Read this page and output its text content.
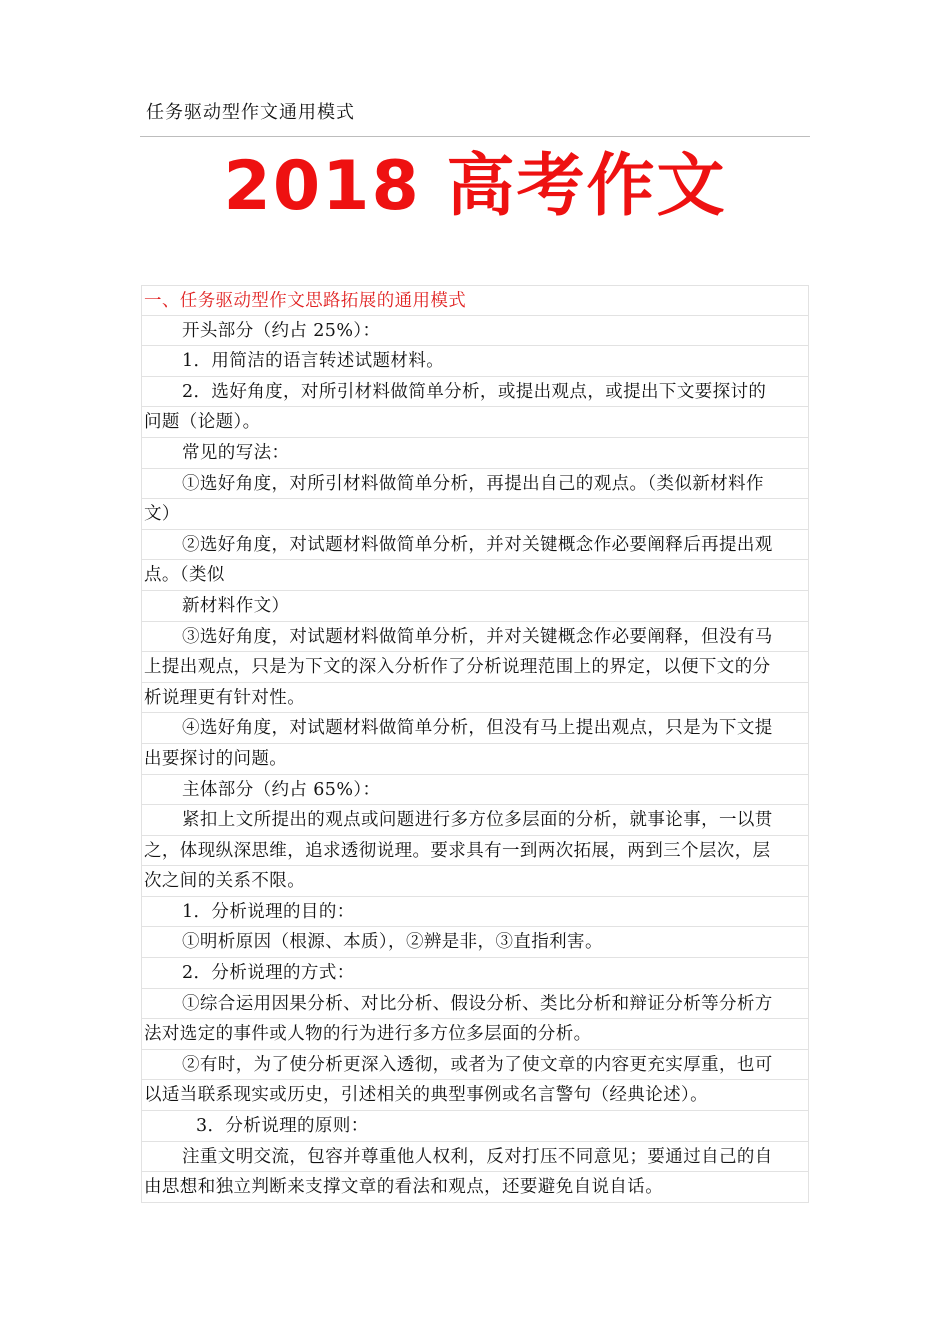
任务驱动型作文通用模式
2018 高考作文
一、任务驱动型作文思路拓展的通用模式
开头部分（约占 25%）：
1．用简洁的语言转述试题材料。
2．选好角度，对所引材料做简单分析，或提出观点，或提出下文要探讨的
问题（论题）。
常见的写法：
①选好角度，对所引材料做简单分析，再提出自己的观点。（类似新材料作
文）
②选好角度，对试题材料做简单分析，并对关键概念作必要阐释后再提出观
点。（类似
新材料作文）
③选好角度，对试题材料做简单分析，并对关键概念作必要阐释，但没有马
上提出观点，只是为下文的深入分析作了分析说理范围上的界定，以便下文的分
析说理更有针对性。
④选好角度，对试题材料做简单分析，但没有马上提出观点，只是为下文提
出要探讨的问题。
主体部分（约占 65%）：
紧扣上文所提出的观点或问题进行多方位多层面的分析，就事论事，一以贯
之，体现纵深思维，追求透彻说理。要求具有一到两次拓展，两到三个层次，层
次之间的关系不限。
1．分析说理的目的：
①明析原因（根源、本质），②辨是非，③直指利害。
2．分析说理的方式：
①综合运用因果分析、对比分析、假设分析、类比分析和辩证分析等分析方
法对选定的事件或人物的行为进行多方位多层面的分析。
②有时，为了使分析更深入透彻，或者为了使文章的内容更充实厚重，也可
以适当联系现实或历史，引述相关的典型事例或名言警句（经典论述）。
3．分析说理的原则：
注重文明交流，包容并尊重他人权利，反对打压不同意见；要通过自己的自
由思想和独立判断来支撑文章的看法和观点，还要避免自说自话。
